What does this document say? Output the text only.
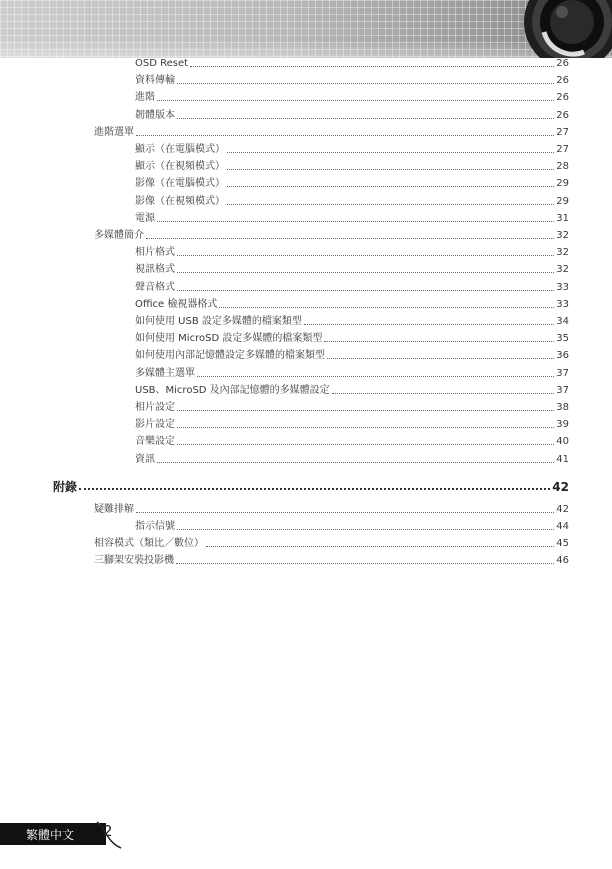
OSD Reset	26
資料傳輸	26
進階	26
韌體版本	26
進階選單	27
顯示（在電腦模式）	27
顯示（在視頻模式）	28
影像（在電腦模式）	29
影像（在視頻模式）	29
電源	31
多媒體簡介	32
相片格式	32
視訊格式	32
聲音格式	33
Office 檢視器格式	33
如何使用 USB 設定多媒體的檔案類型	34
如何使用 MicroSD 設定多媒體的檔案類型	35
如何使用內部記憶體設定多媒體的檔案類型	36
多媒體主選單	37
USB、MicroSD 及內部記憶體的多媒體設定	37
相片設定	38
影片設定	39
音樂設定	40
資訊	41
附錄	42
疑難排解	42
指示信號	44
相容模式（類比／數位）	45
三腳架安裝投影機	46
繁體中文 2
